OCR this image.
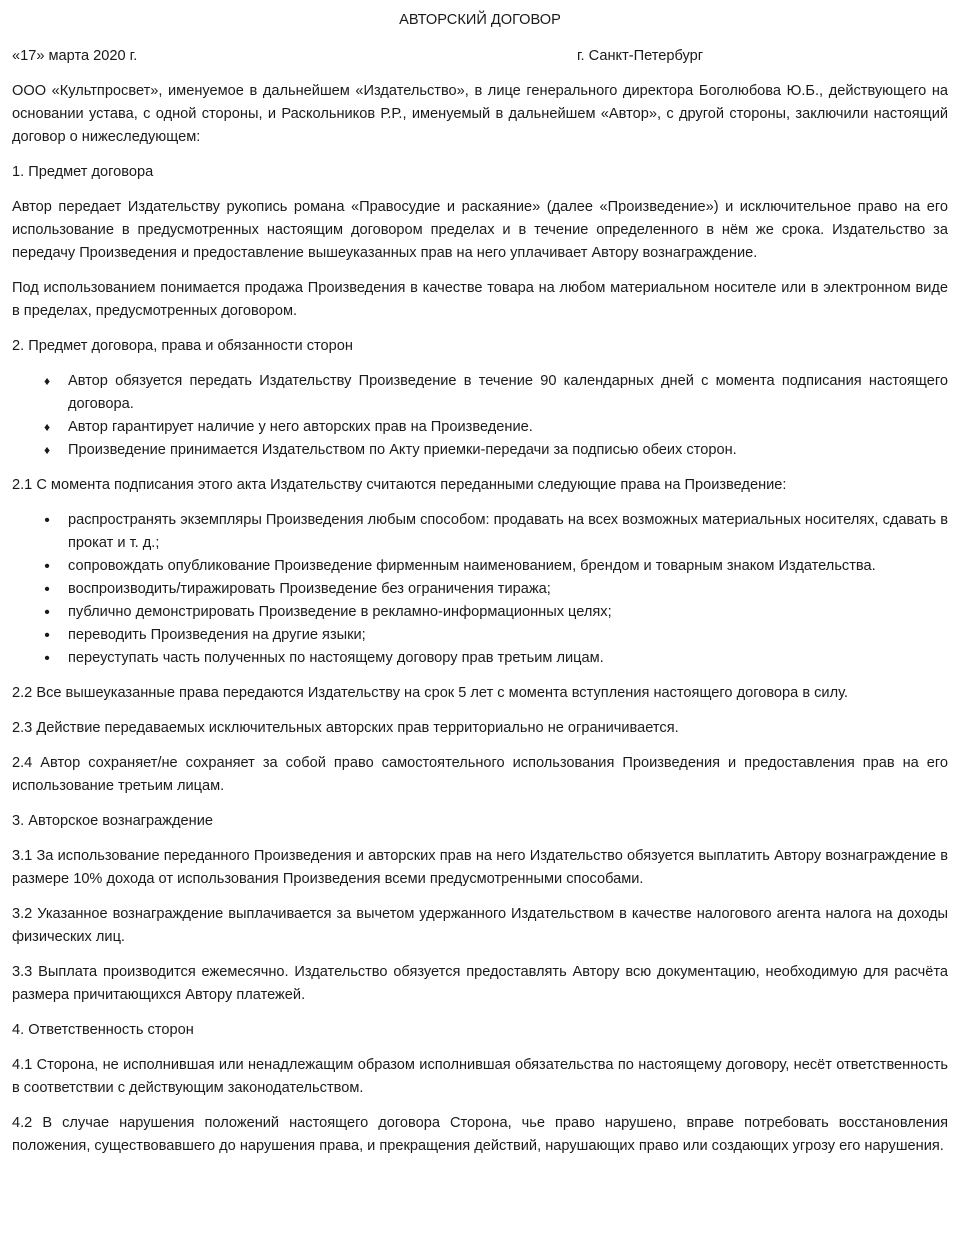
АВТОРСКИЙ ДОГОВОР
«17» марта 2020 г.	г. Санкт-Петербург
ООО «Культпросвет», именуемое в дальнейшем «Издательство», в лице генерального директора Боголюбова Ю.Б., действующего на основании устава, с одной стороны, и Раскольников Р.Р., именуемый в дальнейшем «Автор», с другой стороны, заключили настоящий договор о нижеследующем:
1. Предмет договора
Автор передает Издательству рукопись романа «Правосудие и раскаяние» (далее «Произведение») и исключительное право на его использование в предусмотренных настоящим договором пределах и в течение определенного в нём же срока. Издательство за передачу Произведения и предоставление вышеуказанных прав на него уплачивает Автору вознаграждение.
Под использованием понимается продажа Произведения в качестве товара на любом материальном носителе или в электронном виде в пределах, предусмотренных договором.
2. Предмет договора, права и обязанности сторон
♦ Автор обязуется передать Издательству Произведение в течение 90 календарных дней с момента подписания настоящего договора.
♦ Автор гарантирует наличие у него авторских прав на Произведение.
♦ Произведение принимается Издательством по Акту приемки-передачи за подписью обеих сторон.
2.1 С момента подписания этого акта Издательству считаются переданными следующие права на Произведение:
• распространять экземпляры Произведения любым способом: продавать на всех возможных материальных носителях, сдавать в прокат и т. д.;
• сопровождать опубликование Произведение фирменным наименованием, брендом и товарным знаком Издательства.
• воспроизводить/тиражировать Произведение без ограничения тиража;
• публично демонстрировать Произведение в рекламно-информационных целях;
• переводить Произведения на другие языки;
• переуступать часть полученных по настоящему договору прав третьим лицам.
2.2 Все вышеуказанные права передаются Издательству на срок 5 лет с момента вступления настоящего договора в силу.
2.3 Действие передаваемых исключительных авторских прав территориально не ограничивается.
2.4 Автор сохраняет/не сохраняет за собой право самостоятельного использования Произведения и предоставления прав на его использование третьим лицам.
3. Авторское вознаграждение
3.1 За использование переданного Произведения и авторских прав на него Издательство обязуется выплатить Автору вознаграждение в размере 10% дохода от использования Произведения всеми предусмотренными способами.
3.2 Указанное вознаграждение выплачивается за вычетом удержанного Издательством в качестве налогового агента налога на доходы физических лиц.
3.3 Выплата производится ежемесячно. Издательство обязуется предоставлять Автору всю документацию, необходимую для расчёта размера причитающихся Автору платежей.
4. Ответственность сторон
4.1 Сторона, не исполнившая или ненадлежащим образом исполнившая обязательства по настоящему договору, несёт ответственность в соответствии с действующим законодательством.
4.2 В случае нарушения положений настоящего договора Сторона, чье право нарушено, вправе потребовать восстановления положения, существовавшего до нарушения права, и прекращения действий, нарушающих право или создающих угрозу его нарушения.
